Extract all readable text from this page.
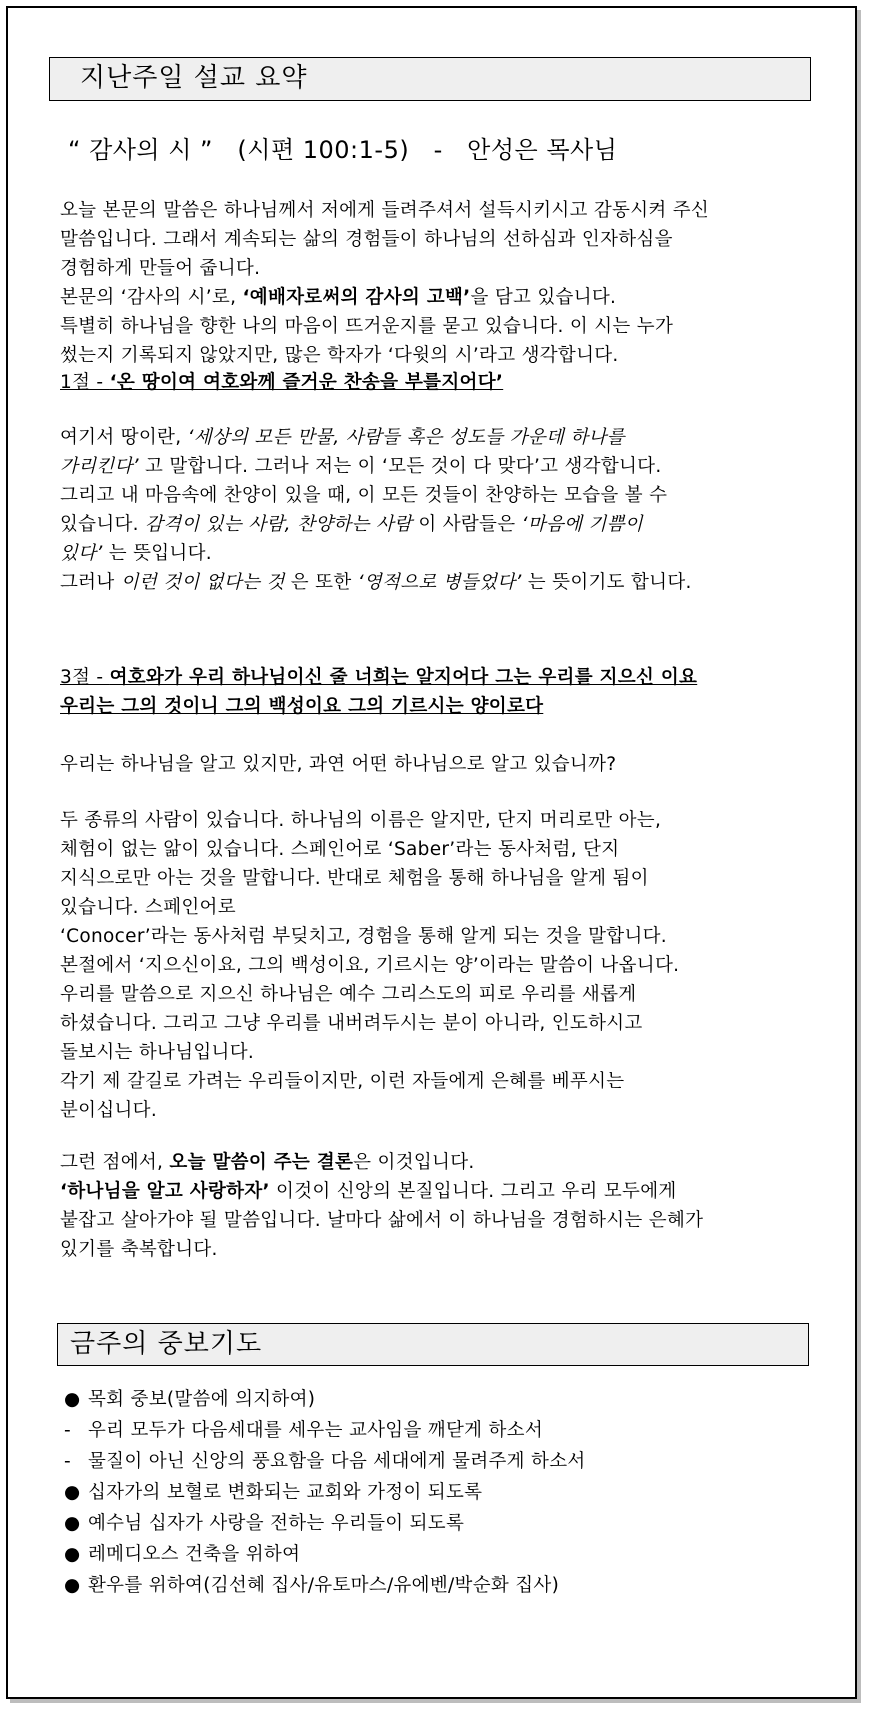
지난주일 설교 요약
“ 감사의 시 ” (시편 100:1-5) - 안성은 목사님
오늘 본문의 말씀은 하나님께서 저에게 들려주셔서 설득시키시고 감동시켜 주신
말씀입니다. 그래서 계속되는 삶의 경험들이 하나님의 선하심과 인자하심을
경험하게 만들어 줍니다.
본문의 ‘감사의 시’로, ‘예배자로써의 감사의 고백’을 담고 있습니다.
특별히 하나님을 향한 나의 마음이 뜨거운지를 묻고 있습니다. 이 시는 누가
썼는지 기록되지 않았지만, 많은 학자가 ‘다윗의 시’라고 생각합니다.
1절 - ‘온 땅이여 여호와께 즐거운 찬송을 부를지어다’
여기서 땅이란, ‘세상의 모든 만물, 사람들 혹은 성도들 가운데 하나를
가리킨다’ 고 말합니다. 그러나 저는 이 ‘모든 것이 다 맞다’고 생각합니다.
그리고 내 마음속에 찬양이 있을 때, 이 모든 것들이 찬양하는 모습을 볼 수
있습니다. 감격이 있는 사람, 찬양하는 사람 이 사람들은 ‘마음에 기쁨이
있다’ 는 뜻입니다.
그러나 이런 것이 없다는 것 은 또한 ‘영적으로 병들었다’ 는 뜻이기도 합니다.
3절 - 여호와가 우리 하나님이신 줄 너희는 알지어다 그는 우리를 지으신 이요
우리는 그의 것이니 그의 백성이요 그의 기르시는 양이로다
우리는 하나님을 알고 있지만, 과연 어떤 하나님으로 알고 있습니까?
두 종류의 사람이 있습니다. 하나님의 이름은 알지만, 단지 머리로만 아는,
체험이 없는 앎이 있습니다. 스페인어로 ‘Saber’라는 동사처럼, 단지
지식으로만 아는 것을 말합니다. 반대로 체험을 통해 하나님을 알게 됨이
있습니다. 스페인어로
‘Conocer’라는 동사처럼 부딪치고, 경험을 통해 알게 되는 것을 말합니다.
본절에서 ‘지으신이요, 그의 백성이요, 기르시는 양’이라는 말씀이 나옵니다.
우리를 말씀으로 지으신 하나님은 예수 그리스도의 피로 우리를 새롭게
하셨습니다. 그리고 그냥 우리를 내버려두시는 분이 아니라, 인도하시고
돌보시는 하나님입니다.
각기 제 갈길로 가려는 우리들이지만, 이런 자들에게 은혜를 베푸시는
분이십니다.
그런 점에서, 오늘 말씀이 주는 결론은 이것입니다.
‘하나님을 알고 사랑하자’ 이것이 신앙의 본질입니다. 그리고 우리 모두에게
붙잡고 살아가야 될 말씀입니다. 날마다 삶에서 이 하나님을 경험하시는 은혜가
있기를 축복합니다.
금주의 중보기도
● 목회 중보(말씀에 의지하여)
- 우리 모두가 다음세대를 세우는 교사임을 깨닫게 하소서
- 물질이 아닌 신앙의 풍요함을 다음 세대에게 물려주게 하소서
● 십자가의 보혈로 변화되는 교회와 가정이 되도록
● 예수님 십자가 사랑을 전하는 우리들이 되도록
● 레메디오스 건축을 위하여
● 환우를 위하여(김선혜 집사/유토마스/유에벤/박순화 집사)
